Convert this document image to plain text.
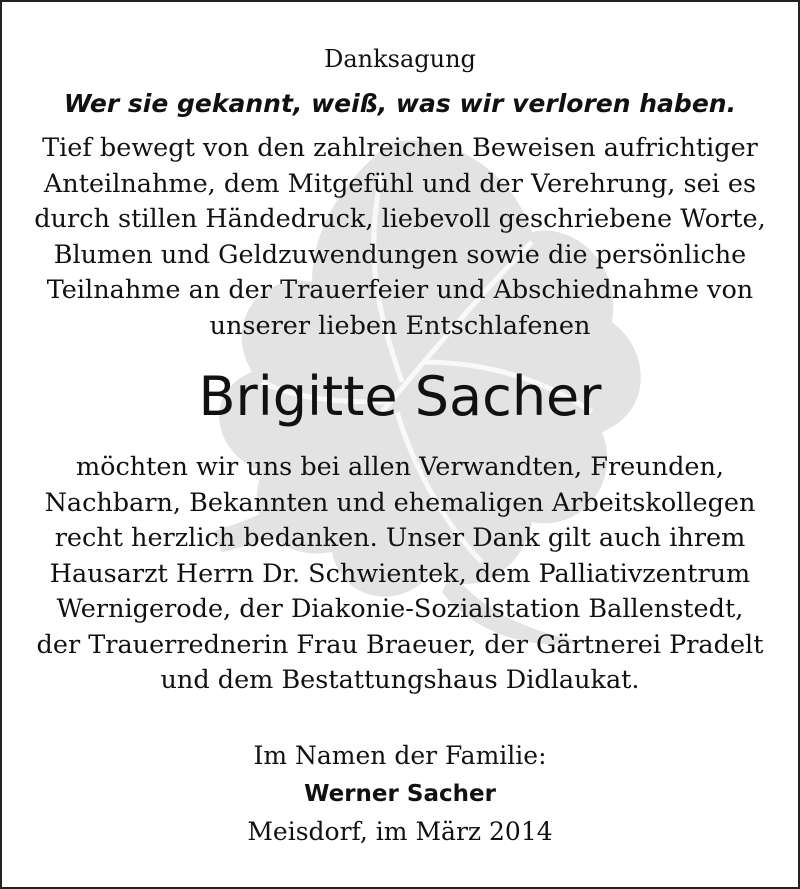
Danksagung
Wer sie gekannt, weiß, was wir verloren haben.
Tief bewegt von den zahlreichen Beweisen aufrichtiger
Anteilnahme, dem Mitgefühl und der Verehrung, sei es
durch stillen Händedruck, liebevoll geschriebene Worte,
Blumen und Geldzuwendungen sowie die persönliche
Teilnahme an der Trauerfeier und Abschiednahme von
unserer lieben Entschlafenen
Brigitte Sacher
möchten wir uns bei allen Verwandten, Freunden,
Nachbarn, Bekannten und ehemaligen Arbeitskollegen
recht herzlich bedanken. Unser Dank gilt auch ihrem
Hausarzt Herrn Dr. Schwientek, dem Palliativzentrum
Wernigerode, der Diakonie-Sozialstation Ballenstedt,
der Trauerrednerin Frau Braeuer, der Gärtnerei Pradelt
und dem Bestattungshaus Didlaukat.
Im Namen der Familie:
Werner Sacher
Meisdorf, im März 2014
